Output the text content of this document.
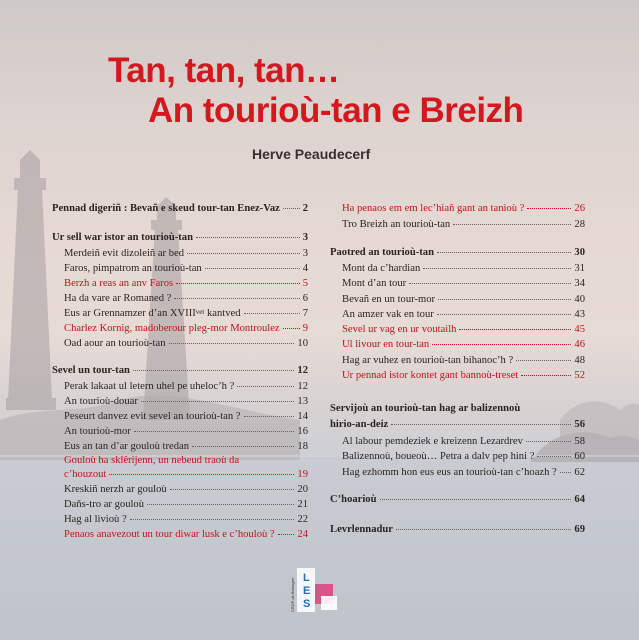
Tan, tan, tan…
An tourioù-tan e Breizh
Herve Peaudecerf
Pennad digeriñ : Bevañ e skeud tour-tan Enez-Vaz 2
Ur sell war istor an tourioù-tan	3
Merdeiñ evit dizoleiñ ar bed	3
Faros, pimpatrom an tourioù-tan	4
Berzh a reas an anv Faros	5
Ha da vare ar Romaned ?	6
Eus ar Grennamzer d’an $XVIII^{vet}$ kantved	7
Charlez Kornig, madoberour pleg-mor Montroulez 9
Oad aour an tourioù-tan	10
Sevel un tour-tan	12
Perak lakaat ul letern uhel pe uheloc’h ?	12
An tourioù-douar	13
Peseurt danvez evit sevel an tourioù-tan ?	14
An tourioù-mor	16
Eus an tan d’ar gouloù tredan	18
Gouloù ha sklêrijenn, un nebeud traoù da
c’houzout	19
Kreskiñ nerzh ar gouloù	20
Daňs-tro ar gouloù	21
Hag al livioù ?	22
Penaos anavezout un tour diwar lusk e c’houloù ? 24
Ha penaos em em lec’hiañ gant an tanioù ?	26
Tro Breizh an tourioù-tan	28
Paotred an tourioù-tan	30
Mont da c’hardian	31
Mont d’an tour	34
Bevañ en un tour-mor	40
An amzer vak en tour	43
Sevel ur vag en ur voutailh	45
Ul livour en tour-tan	46
Hag ar vuhez en tourioù-tan bihanoc’h ?	48
Ur pennad istor kontet gant bannoù-treset	52
Servijoù an tourioù-tan hag ar balizennoù
hirio-an-deiz	56
Al labour pemdeziek e kreizenn Lezardrev	58
Balizennoù, boueoù… Petra a dalv pep hini ?	60
Hag ezhomm hon eus eus an tourioù-tan c’hoazh ? 62
C’hoarioù	64
Levrlennadur	69
L
E
S
CRDP de Bretagne
